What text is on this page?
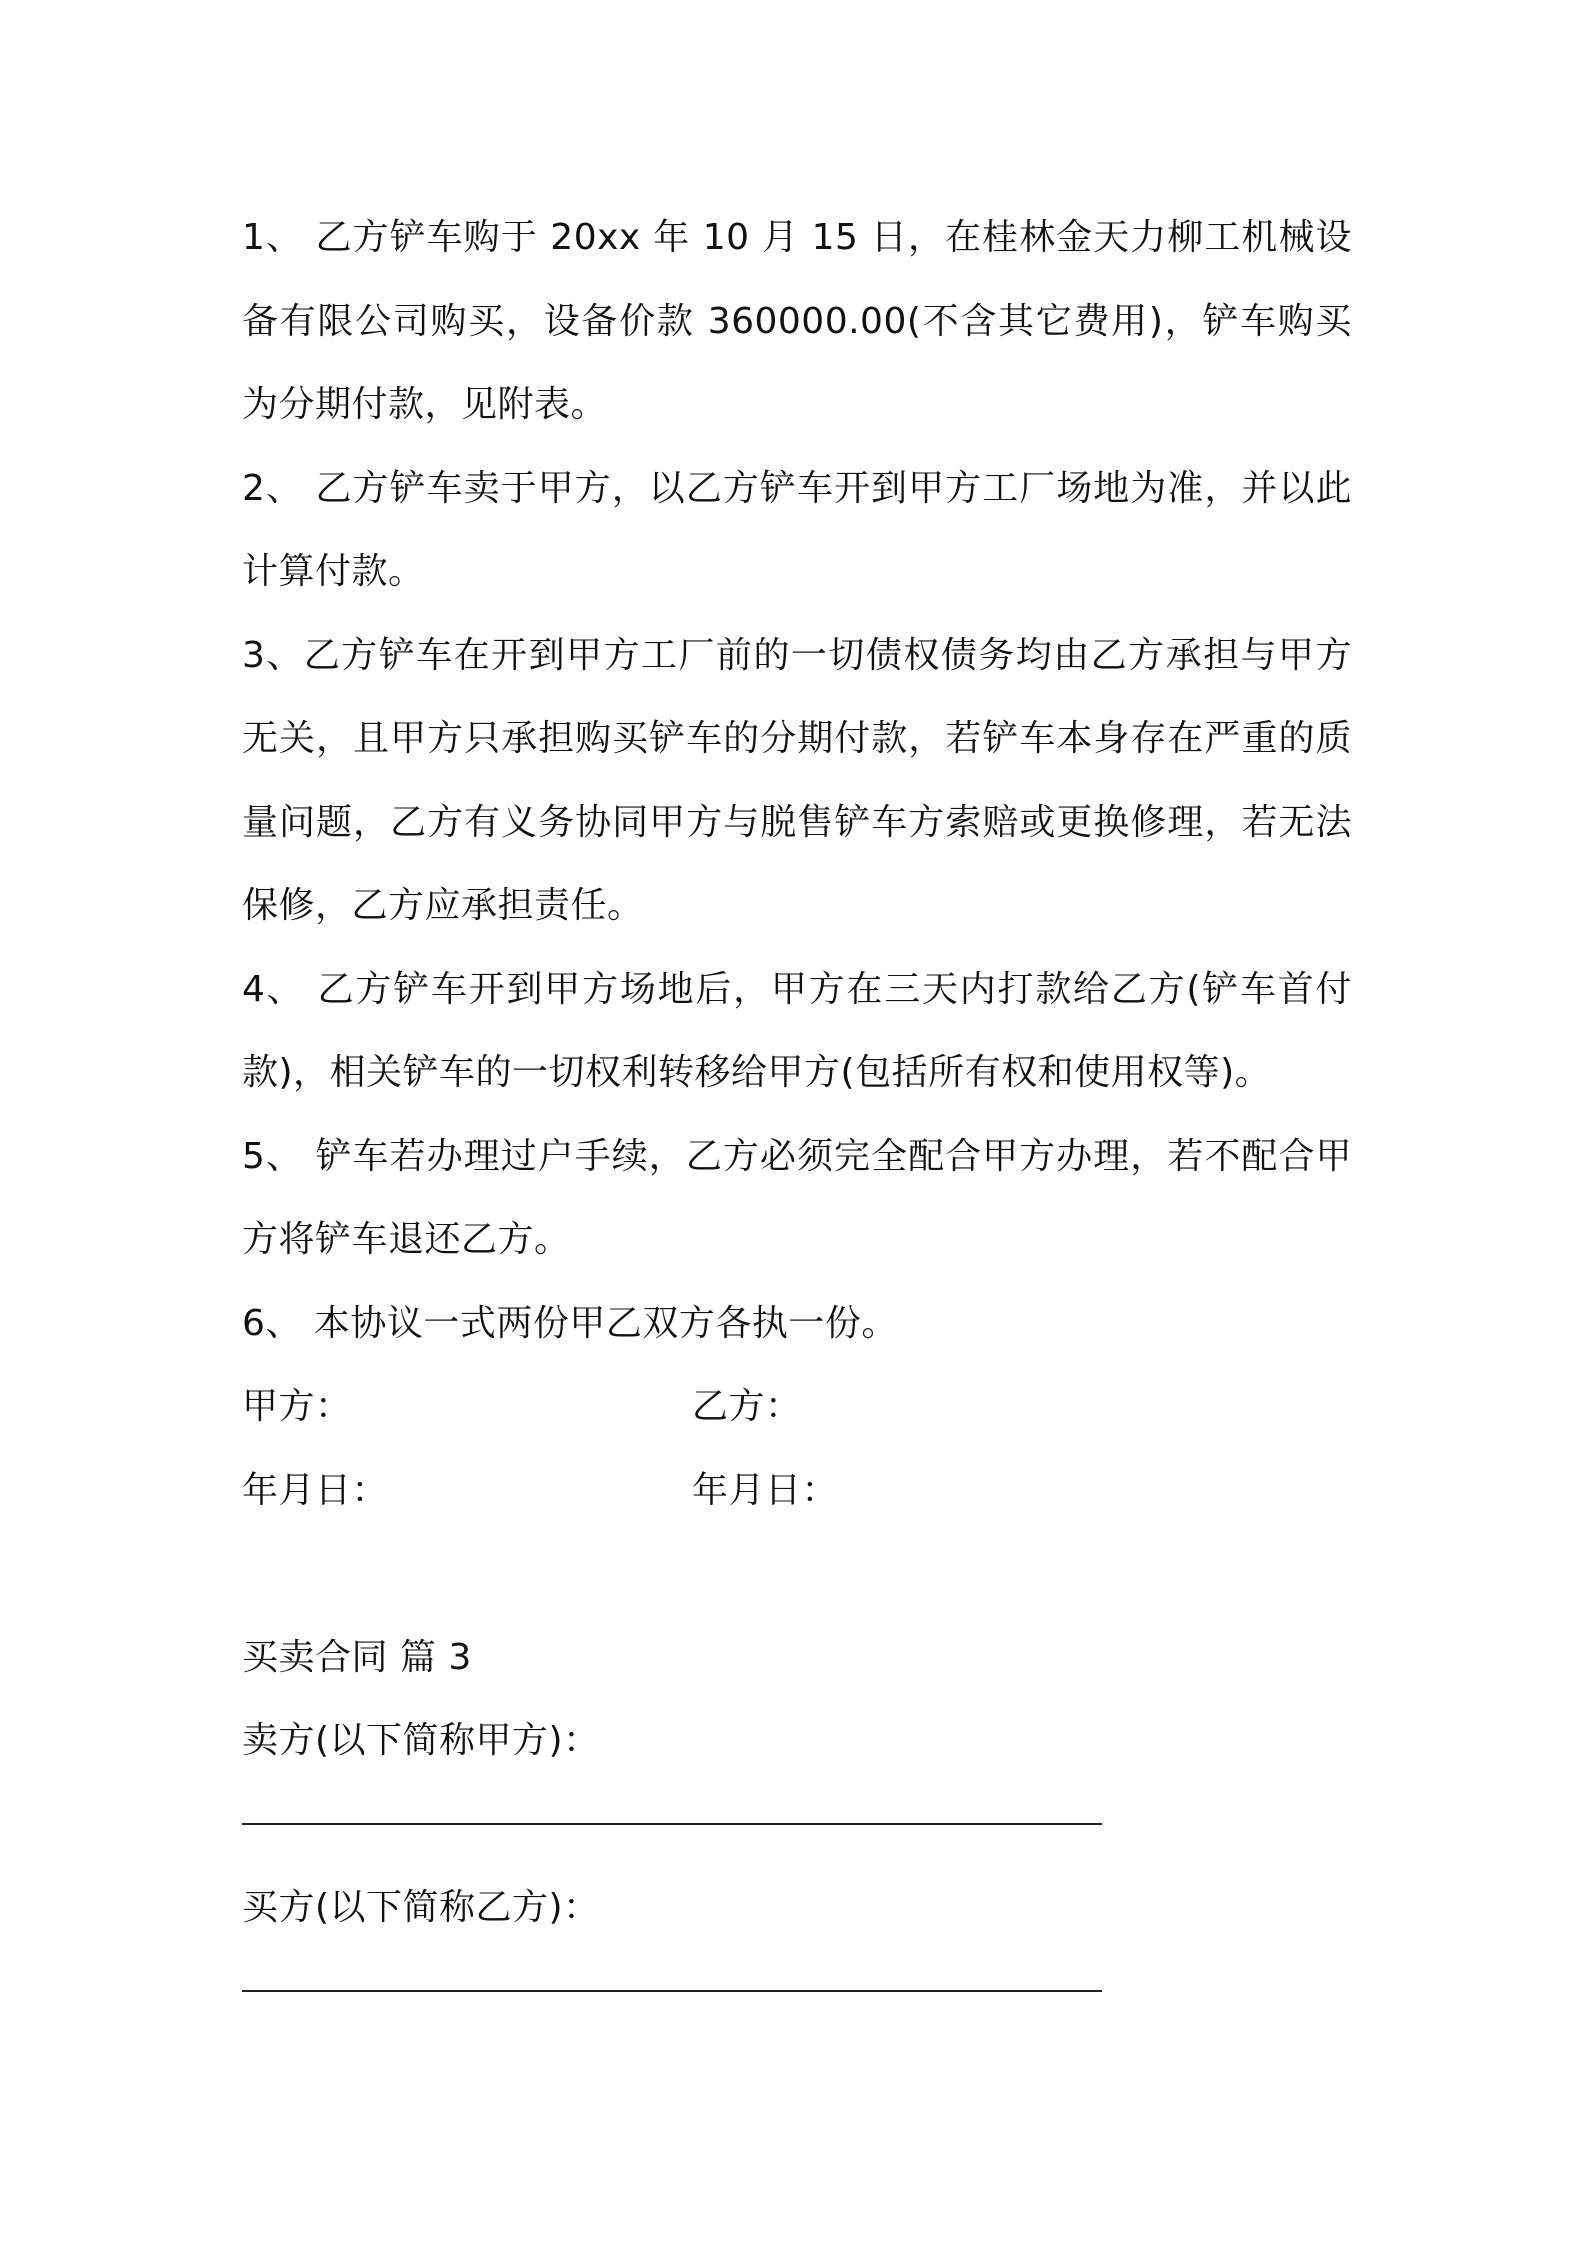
1、 乙方铲车购于 20xx 年 10 月 15 日，在桂林金天力柳工机械设备有限公司购买，设备价款 360000.00(不含其它费用)，铲车购买为分期付款，见附表。

2、 乙方铲车卖于甲方，以乙方铲车开到甲方工厂场地为准，并以此计算付款。

3、乙方铲车在开到甲方工厂前的一切债权债务均由乙方承担与甲方无关，且甲方只承担购买铲车的分期付款，若铲车本身存在严重的质量问题，乙方有义务协同甲方与脱售铲车方索赔或更换修理，若无法保修，乙方应承担责任。

4、 乙方铲车开到甲方场地后，甲方在三天内打款给乙方(铲车首付款)，相关铲车的一切权利转移给甲方(包括所有权和使用权等)。

5、 铲车若办理过户手续，乙方必须完全配合甲方办理，若不配合甲方将铲车退还乙方。

6、 本协议一式两份甲乙双方各执一份。

甲方：	乙方：
年月日：	年月日：

买卖合同 篇 3

卖方(以下简称甲方)：

买方(以下简称乙方)：
